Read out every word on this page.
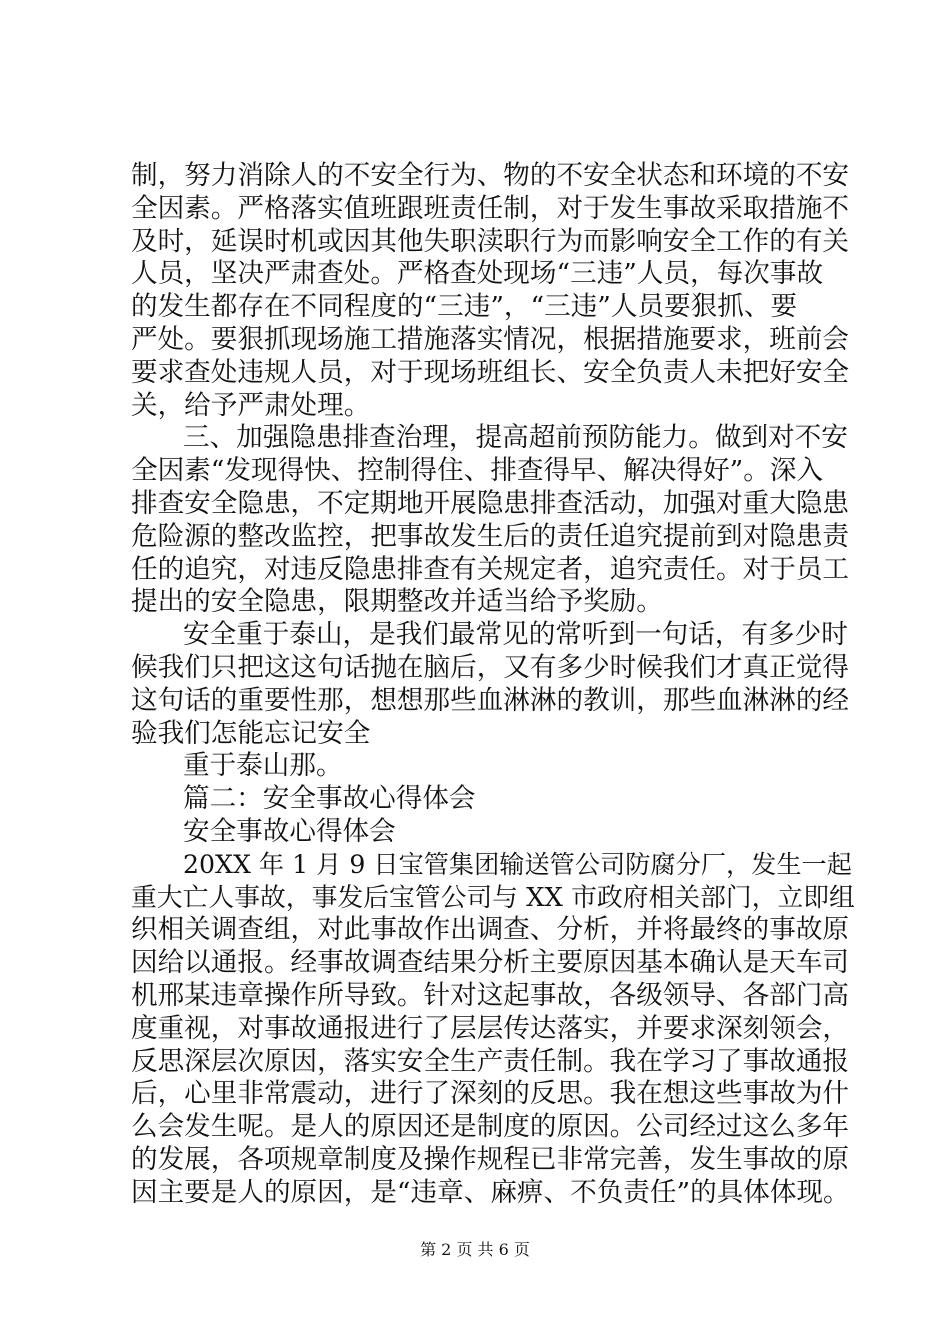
制，努力消除人的不安全行为、物的不安全状态和环境的不安
全因素。严格落实值班跟班责任制，对于发生事故采取措施不
及时，延误时机或因其他失职渎职行为而影响安全工作的有关
人员，坚决严肃查处。严格查处现场“三违”人员，每次事故
的发生都存在不同程度的“三违”，“三违”人员要狠抓、要
严处。要狠抓现场施工措施落实情况，根据措施要求，班前会
要求查处违规人员，对于现场班组长、安全负责人未把好安全
关，给予严肃处理。
三、加强隐患排查治理，提高超前预防能力。做到对不安
全因素“发现得快、控制得住、排查得早、解决得好”。深入
排查安全隐患，不定期地开展隐患排查活动，加强对重大隐患
危险源的整改监控，把事故发生后的责任追究提前到对隐患责
任的追究，对违反隐患排查有关规定者，追究责任。对于员工
提出的安全隐患，限期整改并适当给予奖励。
安全重于泰山，是我们最常见的常听到一句话，有多少时
候我们只把这这句话抛在脑后，又有多少时候我们才真正觉得
这句话的重要性那，想想那些血淋淋的教训，那些血淋淋的经
验我们怎能忘记安全
重于泰山那。
篇二：安全事故心得体会
安全事故心得体会
20XX 年 1 月 9 日宝管集团输送管公司防腐分厂，发生一起
重大亡人事故，事发后宝管公司与 XX 市政府相关部门，立即组
织相关调查组，对此事故作出调查、分析，并将最终的事故原
因给以通报。经事故调查结果分析主要原因基本确认是天车司
机邢某违章操作所导致。针对这起事故，各级领导、各部门高
度重视，对事故通报进行了层层传达落实，并要求深刻领会，
反思深层次原因，落实安全生产责任制。我在学习了事故通报
后，心里非常震动，进行了深刻的反思。我在想这些事故为什
么会发生呢。是人的原因还是制度的原因。公司经过这么多年
的发展，各项规章制度及操作规程已非常完善，发生事故的原
因主要是人的原因，是“违章、麻痹、不负责任”的具体体现。
第 2 页 共 6 页
